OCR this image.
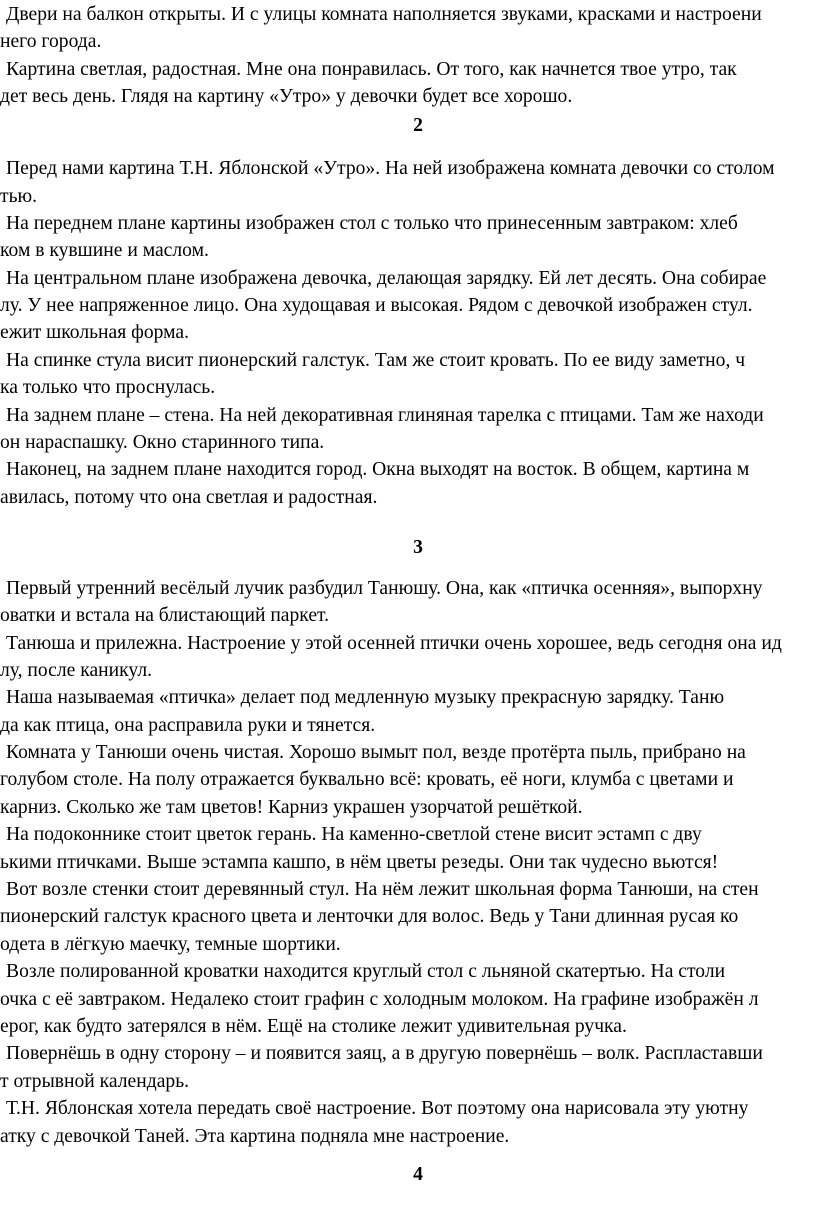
Двери на балкон открыты. И с улицы комната наполняется звуками, красками и настроени
него города.
Картина светлая, радостная. Мне она понравилась. От того, как начнется твое утро, так
дет весь день. Глядя на картину «Утро» у девочки будет все хорошо.
Перед нами картина Т.Н. Яблонской «Утро». На ней изображена комната девочки со столом
тью.
На переднем плане картины изображен стол с только что принесенным завтраком: хлеб
ком в кувшине и маслом.
На центральном плане изображена девочка, делающая зарядку. Ей лет десять. Она собирае
лу. У нее напряженное лицо. Она худощавая и высокая. Рядом с девочкой изображен стул.
ежит школьная форма.
На спинке стула висит пионерский галстук. Там же стоит кровать. По ее виду заметно, ч
ка только что проснулась.
На заднем плане – стена. На ней декоративная глиняная тарелка с птицами. Там же находи
он нараспашку. Окно старинного типа.
Наконец, на заднем плане находится город. Окна выходят на восток. В общем, картина м
авилась, потому что она светлая и радостная.
Первый утренний весёлый лучик разбудил Танюшу. Она, как «птичка осенняя», выпорхну
оватки и встала на блистающий паркет.
Танюша и прилежна. Настроение у этой осенней птички очень хорошее, ведь сегодня она ид
лу, после каникул.
Наша называемая «птичка» делает под медленную музыку прекрасную зарядку. Таню
да как птица, она расправила руки и тянется.
Комната у Танюши очень чистая. Хорошо вымыт пол, везде протёрта пыль, прибрано на
голубом столе. На полу отражается буквально всё: кровать, её ноги, клумба с цветами и
карниз. Сколько же там цветов! Карниз украшен узорчатой решёткой.
На подоконнике стоит цветок герань. На каменно-светлой стене висит эстамп с дву
ькими птичками. Выше эстампа кашпо, в нём цветы резеды. Они так чудесно вьются!
Вот возле стенки стоит деревянный стул. На нём лежит школьная форма Танюши, на стен
пионерский галстук красного цвета и ленточки для волос. Ведь у Тани длинная русая ко
одета в лёгкую маечку, темные шортики.
Возле полированной кроватки находится круглый стол с льняной скатертью. На столи
очка с её завтраком. Недалеко стоит графин с холодным молоком. На графине изображён л
ерог, как будто затерялся в нём. Ещё на столике лежит удивительная ручка.
Повернёшь в одну сторону – и появится заяц, а в другую повернёшь – волк. Распластавши
т отрывной календарь.
Т.Н. Яблонская хотела передать своё настроение. Вот поэтому она нарисовала эту уютну
атку с девочкой Таней. Эта картина подняла мне настроение.
2
3
4
